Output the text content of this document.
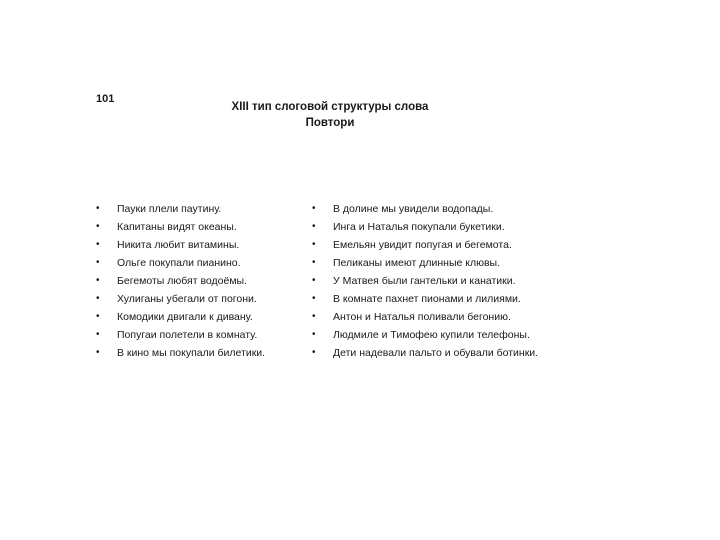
101
XIII тип слоговой структуры слова
Повтори
• Пауки плели паутину.
• Капитаны видят океаны.
• Никита любит витамины.
• Ольге покупали пианино.
• Бегемоты любят водоёмы.
• Хулиганы убегали от погони.
• Комодики двигали к дивану.
• Попугаи полетели в комнату.
• В кино мы покупали билетики.
• В долине мы увидели водопады.
• Инга и Наталья покупали букетики.
• Емельян увидит попугая и бегемота.
• Пеликаны имеют длинные клювы.
• У Матвея были гантельки и канатики.
• В комнате пахнет пионами и лилиями.
• Антон и Наталья поливали бегонию.
• Людмиле и Тимофею купили телефоны.
• Дети надевали пальто и обували ботинки.
